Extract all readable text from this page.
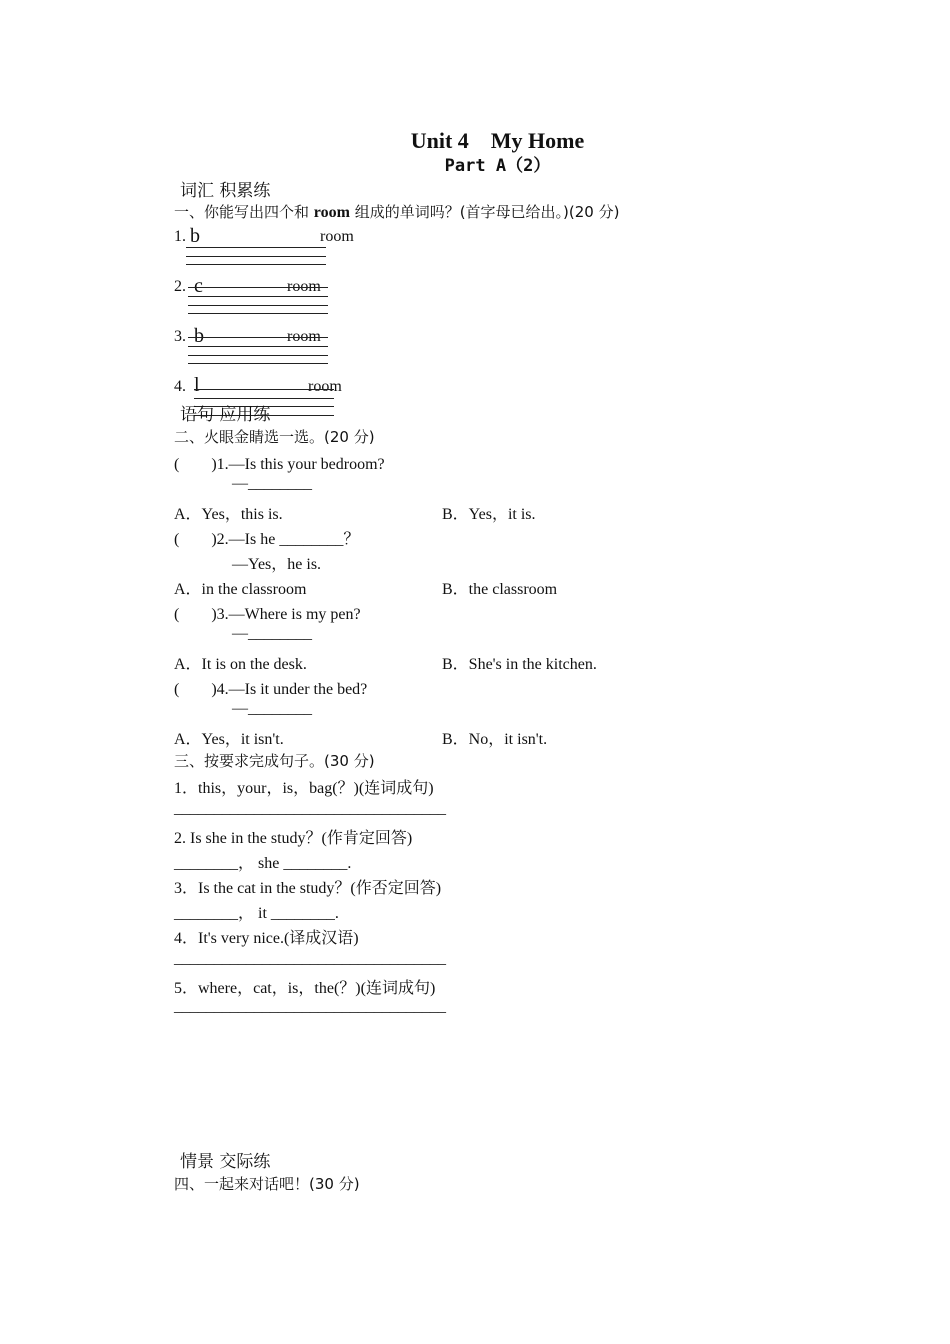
Unit 4　My Home
Part A（2）
词汇 积累练
一、你能写出四个和 room 组成的单词吗？(首字母已给出。)(20 分)
1. b	room
2. c	room
3. b	room
4. l	room
语句 应用练
二、火眼金睛选一选。(20 分)
(　　)1.—Is this your bedroom?
—________
A．Yes，this is.	B．Yes，it is.
(　　)2.—Is he ________？
—Yes，he is.
A．in the classroom	B．the classroom
(　　)3.—Where is my pen?
—________
A．It is on the desk.	B．She's in the kitchen.
(　　)4.—Is it under the bed?
—________
A．Yes，it isn't.	B．No，it isn't.
三、按要求完成句子。(30 分)
1．this，your，is，bag(？)(连词成句)
__________________________________
2. Is she in the study？(作肯定回答)
________， she ________.
3．Is the cat in the study？(作否定回答)
________， it ________.
4．It's very nice.(译成汉语)
__________________________________
5．where，cat，is，the(？)(连词成句)
__________________________________
情景 交际练
四、一起来对话吧！(30 分)
